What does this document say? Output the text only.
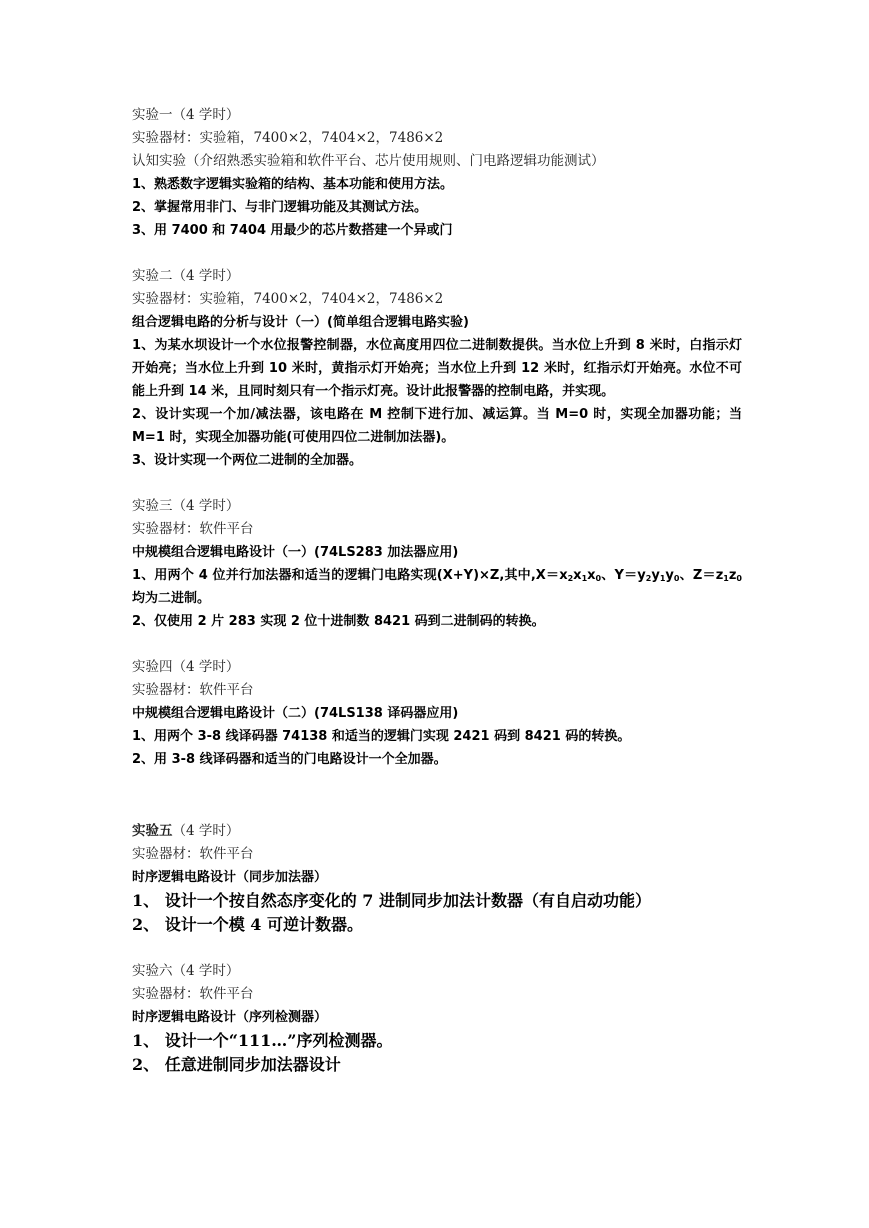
实验一（4 学时）
实验器材：实验箱，7400×2，7404×2，7486×2
认知实验（介绍熟悉实验箱和软件平台、芯片使用规则、门电路逻辑功能测试）
1、熟悉数字逻辑实验箱的结构、基本功能和使用方法。
2、掌握常用非门、与非门逻辑功能及其测试方法。
3、用 7400 和 7404 用最少的芯片数搭建一个异或门
实验二（4 学时）
实验器材：实验箱，7400×2，7404×2，7486×2
组合逻辑电路的分析与设计（一）(简单组合逻辑电路实验)
1、为某水坝设计一个水位报警控制器，水位高度用四位二进制数提供。当水位上升到 8 米时，白指示灯开始亮；当水位上升到 10 米时，黄指示灯开始亮；当水位上升到 12 米时，红指示灯开始亮。水位不可能上升到 14 米，且同时刻只有一个指示灯亮。设计此报警器的控制电路，并实现。
2、设计实现一个加/减法器，该电路在 M 控制下进行加、减运算。当 M=0 时，实现全加器功能；当 M=1 时，实现全加器功能(可使用四位二进制加法器)。
3、设计实现一个两位二进制的全加器。
实验三（4 学时）
实验器材：软件平台
中规模组合逻辑电路设计（一）(74LS283 加法器应用)
1、用两个 4 位并行加法器和适当的逻辑门电路实现(X+Y)×Z,其中$,X=x_2x_1x_0$、$Y=y_2y_1y_0$、$Z=z_1z_0$ 均为二进制。
2、仅使用 2 片 283 实现 2 位十进制数 8421 码到二进制码的转换。
实验四（4 学时）
实验器材：软件平台
中规模组合逻辑电路设计（二）(74LS138 译码器应用)
1、用两个 3-8 线译码器 74138 和适当的逻辑门实现 2421 码到 8421 码的转换。
2、用 3-8 线译码器和适当的门电路设计一个全加器。
实验五（4 学时）
实验器材：软件平台
时序逻辑电路设计（同步加法器）
1、 设计一个按自然态序变化的 7 进制同步加法计数器（有自启动功能）
2、 设计一个模 4 可逆计数器。
实验六（4 学时）
实验器材：软件平台
时序逻辑电路设计（序列检测器）
1、 设计一个“111…”序列检测器。
2、 任意进制同步加法器设计
